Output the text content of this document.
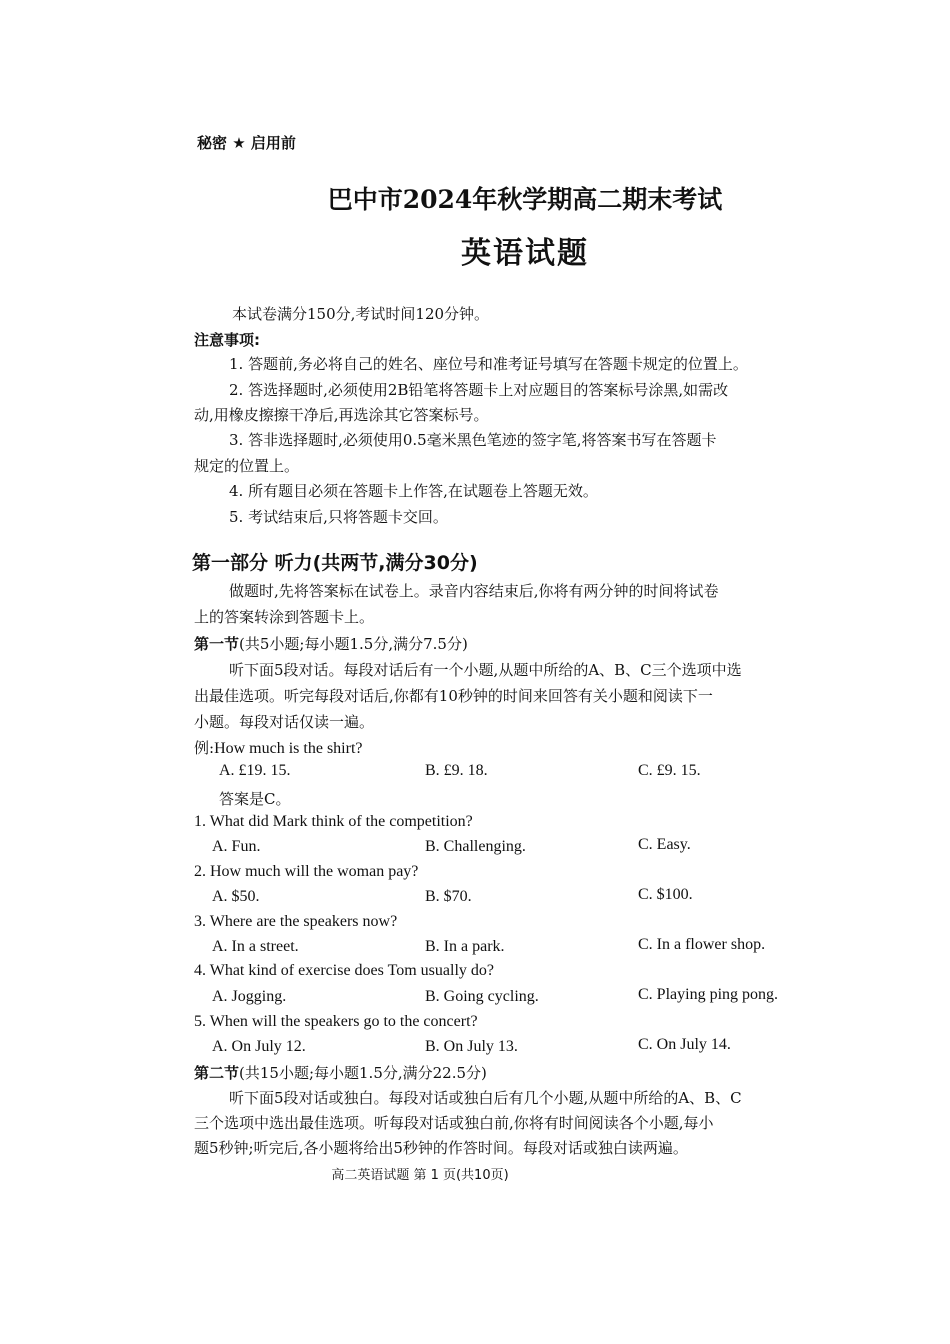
秘密 ★ 启用前
巴中市2024年秋学期高二期末考试
英语试题
本试卷满分150分,考试时间120分钟。
注意事项:
1. 答题前,务必将自己的姓名、座位号和准考证号填写在答题卡规定的位置上。
2. 答选择题时,必须使用2B铅笔将答题卡上对应题目的答案标号涂黑,如需改
动,用橡皮擦擦干净后,再选涂其它答案标号。
3. 答非选择题时,必须使用0.5毫米黑色笔迹的签字笔,将答案书写在答题卡
规定的位置上。
4. 所有题目必须在答题卡上作答,在试题卷上答题无效。
5. 考试结束后,只将答题卡交回。
第一部分 听力(共两节,满分30分)
做题时,先将答案标在试卷上。录音内容结束后,你将有两分钟的时间将试卷
上的答案转涂到答题卡上。
第一节(共5小题;每小题1.5分,满分7.5分)
听下面5段对话。每段对话后有一个小题,从题中所给的A、B、C三个选项中选
出最佳选项。听完每段对话后,你都有10秒钟的时间来回答有关小题和阅读下一
小题。每段对话仅读一遍。
例:How much is the shirt?
A. £19. 15.	B. £9. 18.	C. £9. 15.
答案是C。
1. What did Mark think of the competition?
A. Fun.	B. Challenging.	C. Easy.
2. How much will the woman pay?
A. $50.	B. $70.	C. $100.
3. Where are the speakers now?
A. In a street.	B. In a park.	C. In a flower shop.
4. What kind of exercise does Tom usually do?
A. Jogging.	B. Going cycling.	C. Playing ping pong.
5. When will the speakers go to the concert?
A. On July 12.	B. On July 13.	C. On July 14.
第二节(共15小题;每小题1.5分,满分22.5分)
听下面5段对话或独白。每段对话或独白后有几个小题,从题中所给的A、B、C
三个选项中选出最佳选项。听每段对话或独白前,你将有时间阅读各个小题,每小
题5秒钟;听完后,各小题将给出5秒钟的作答时间。每段对话或独白读两遍。
高二英语试题 第 1 页(共10页)
